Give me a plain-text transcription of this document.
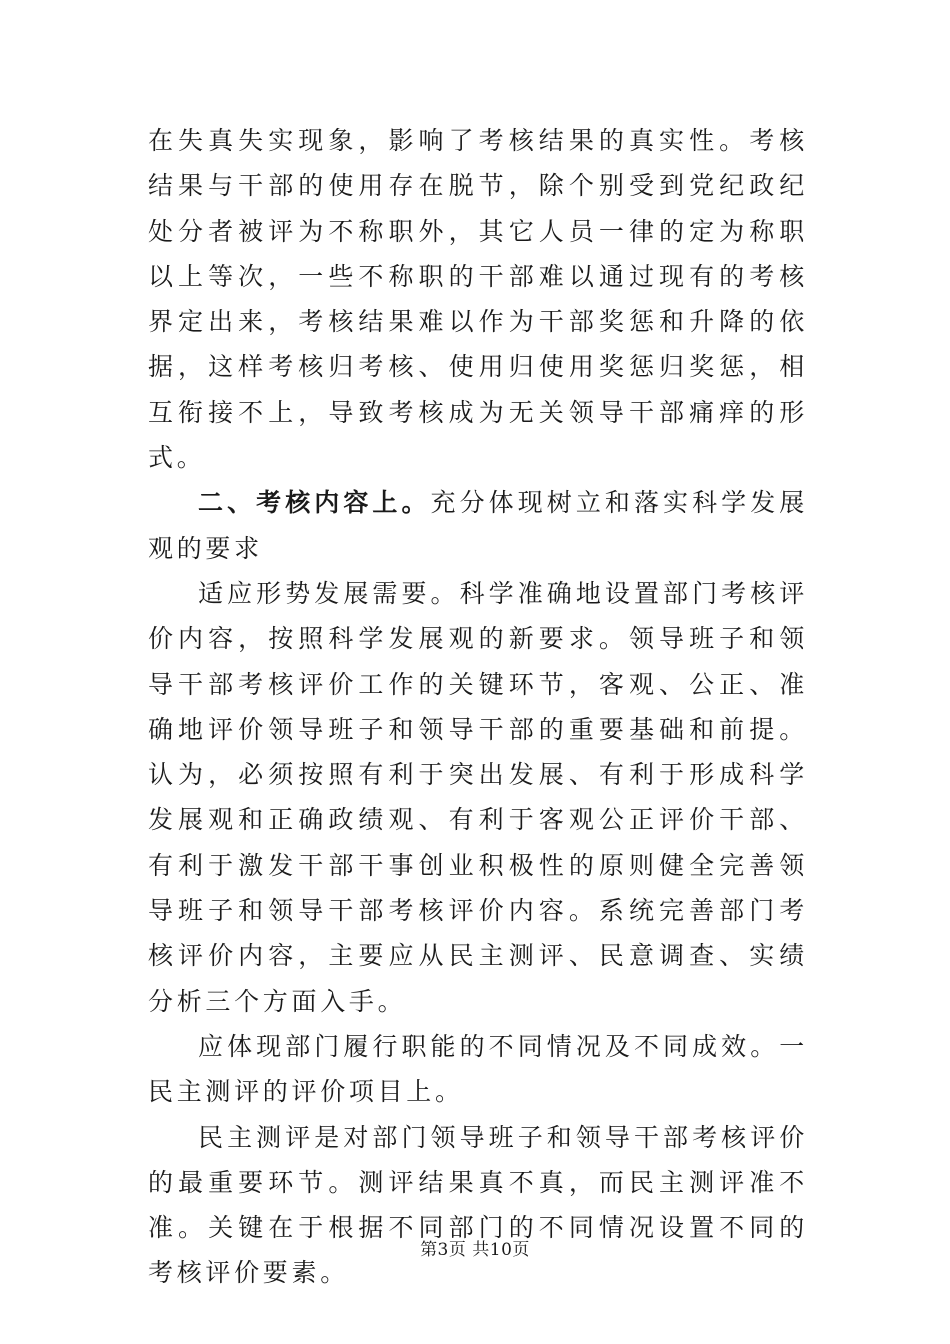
在失真失实现象，影响了考核结果的真实性。考核结果与干部的使用存在脱节，除个别受到党纪政纪处分者被评为不称职外，其它人员一律的定为称职以上等次，一些不称职的干部难以通过现有的考核界定出来，考核结果难以作为干部奖惩和升降的依据，这样考核归考核、使用归使用奖惩归奖惩，相互衔接不上，导致考核成为无关领导干部痛痒的形式。

二、考核内容上。充分体现树立和落实科学发展观的要求

适应形势发展需要。科学准确地设置部门考核评价内容，按照科学发展观的新要求。领导班子和领导干部考核评价工作的关键环节，客观、公正、准确地评价领导班子和领导干部的重要基础和前提。认为，必须按照有利于突出发展、有利于形成科学发展观和正确政绩观、有利于客观公正评价干部、有利于激发干部干事创业积极性的原则健全完善领导班子和领导干部考核评价内容。系统完善部门考核评价内容，主要应从民主测评、民意调查、实绩分析三个方面入手。

应体现部门履行职能的不同情况及不同成效。一民主测评的评价项目上。

民主测评是对部门领导班子和领导干部考核评价的最重要环节。测评结果真不真，而民主测评准不准。关键在于根据不同部门的不同情况设置不同的考核评价要素。

第3页 共10页
